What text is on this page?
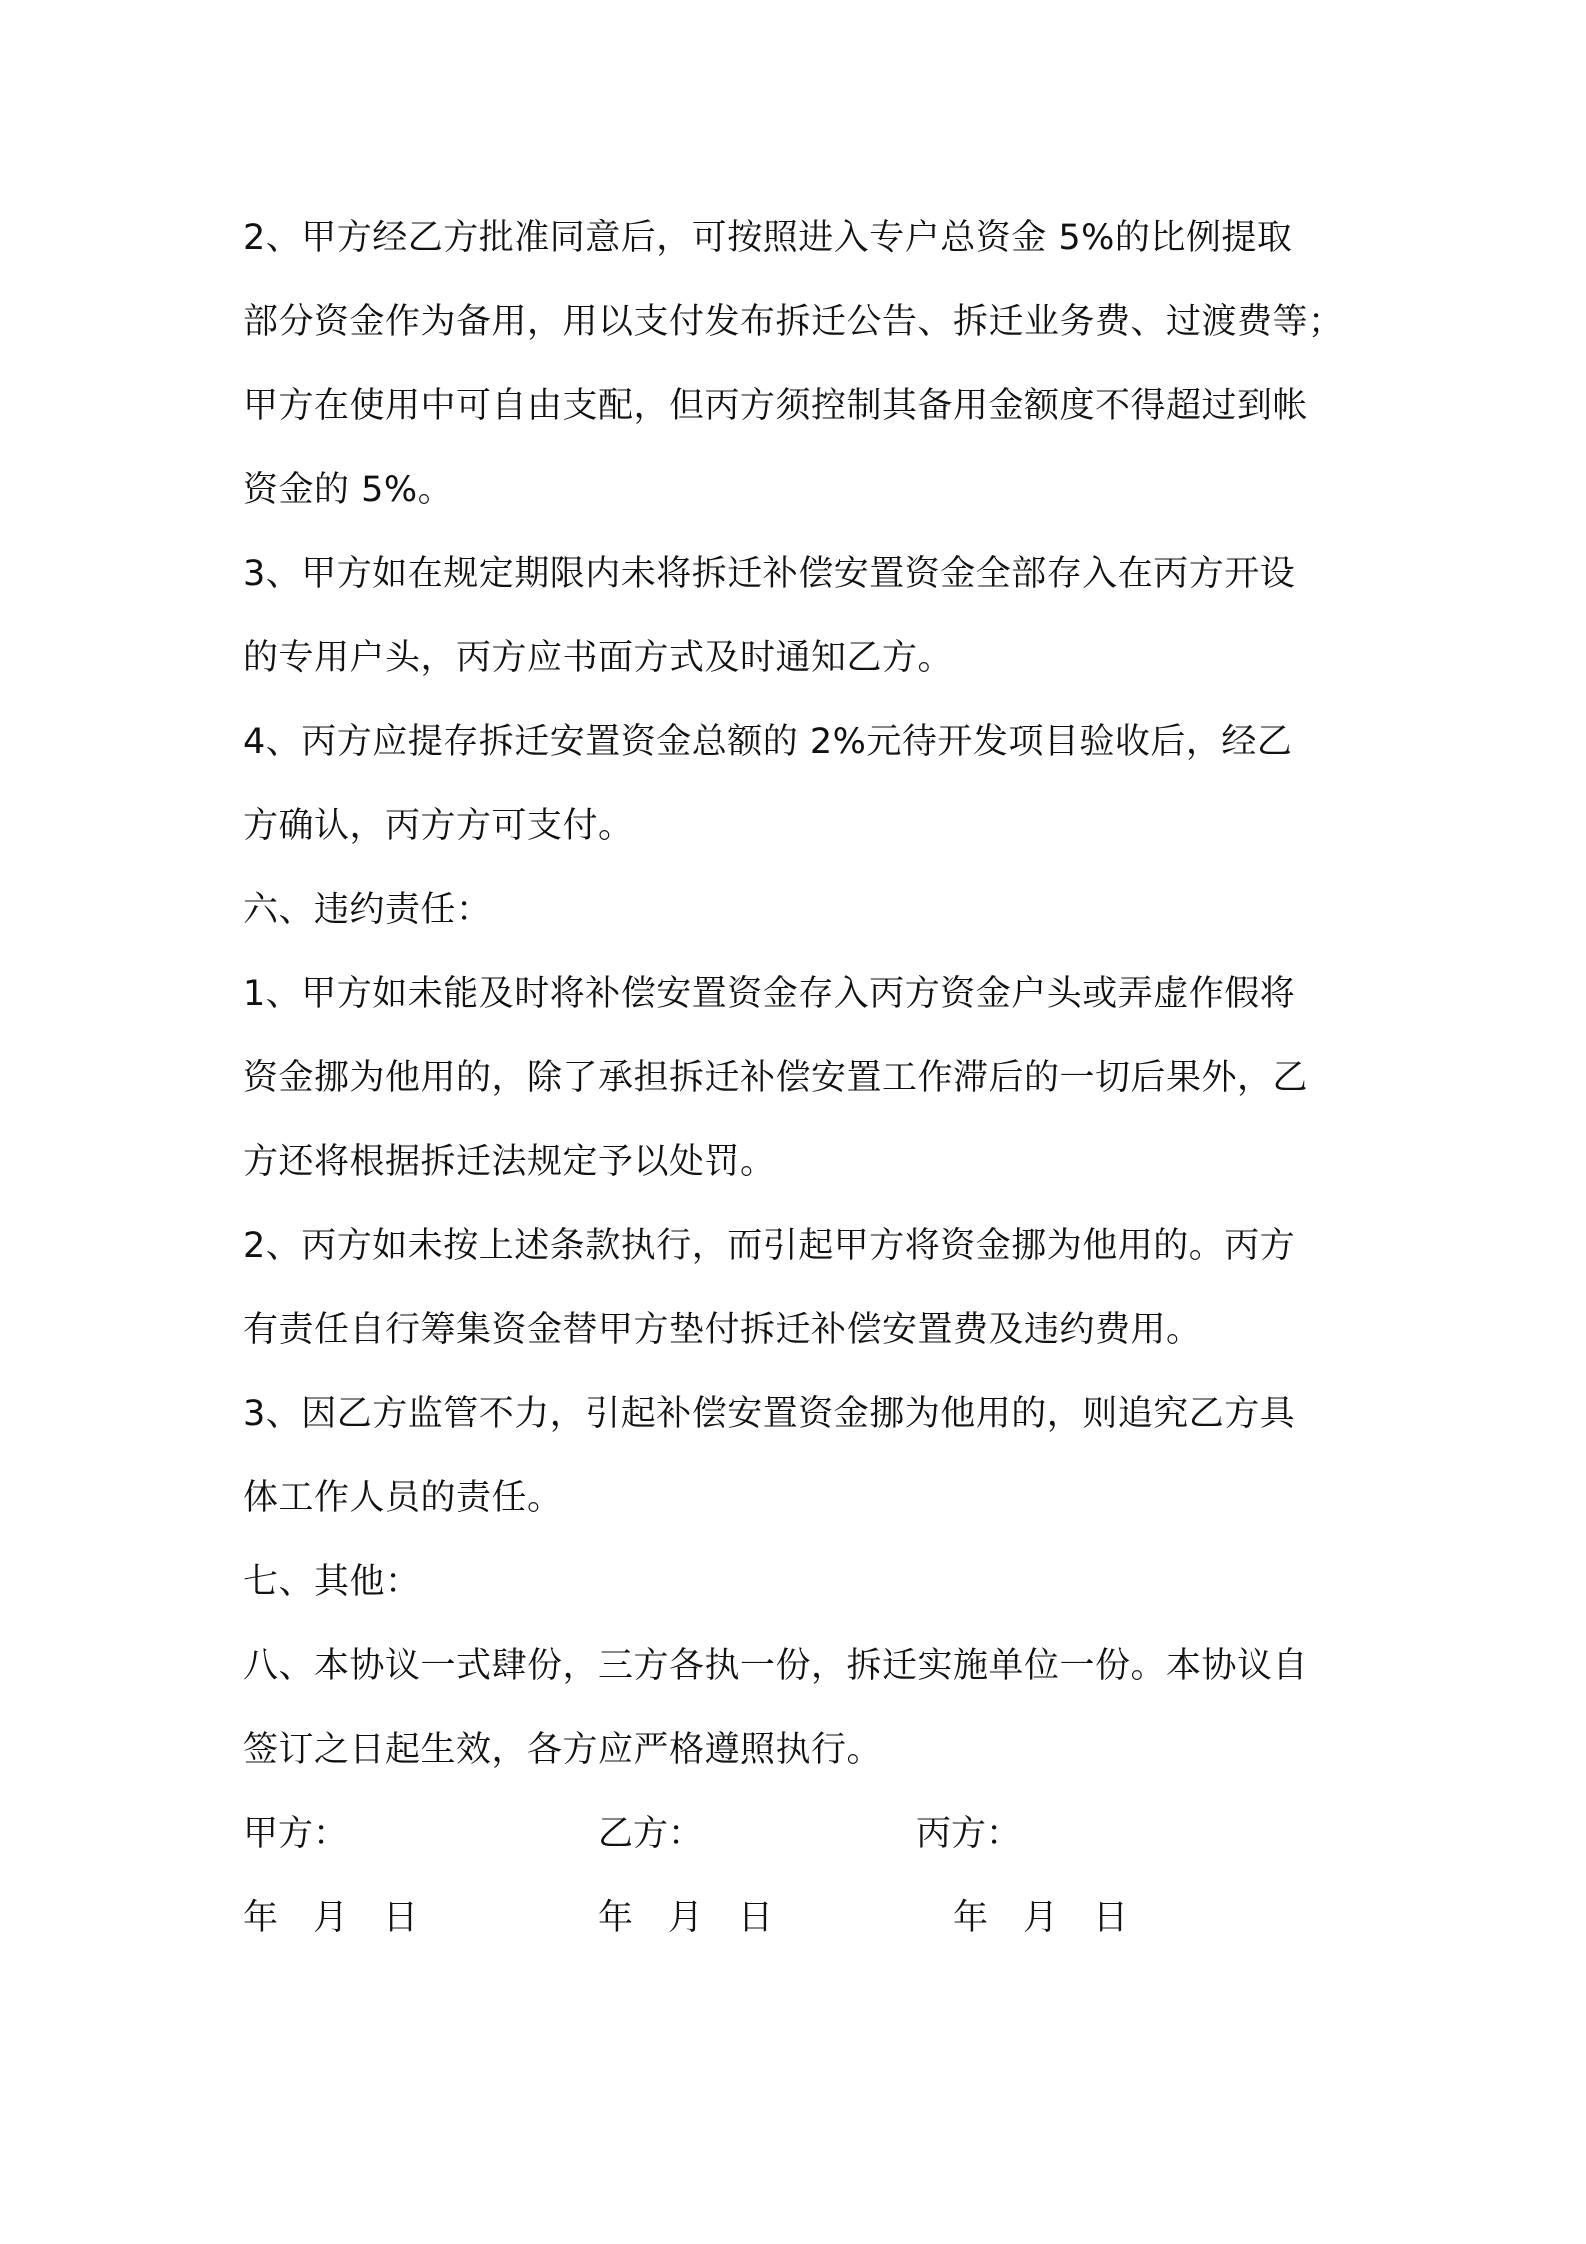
2、甲方经乙方批准同意后，可按照进入专户总资金 5%的比例提取
部分资金作为备用，用以支付发布拆迁公告、拆迁业务费、过渡费等；
甲方在使用中可自由支配，但丙方须控制其备用金额度不得超过到帐
资金的 5%。
3、甲方如在规定期限内未将拆迁补偿安置资金全部存入在丙方开设
的专用户头，丙方应书面方式及时通知乙方。
4、丙方应提存拆迁安置资金总额的 2%元待开发项目验收后，经乙
方确认，丙方方可支付。
六、违约责任：
1、甲方如未能及时将补偿安置资金存入丙方资金户头或弄虚作假将
资金挪为他用的，除了承担拆迁补偿安置工作滞后的一切后果外，乙
方还将根据拆迁法规定予以处罚。
2、丙方如未按上述条款执行，而引起甲方将资金挪为他用的。丙方
有责任自行筹集资金替甲方垫付拆迁补偿安置费及违约费用。
3、因乙方监管不力，引起补偿安置资金挪为他用的，则追究乙方具
体工作人员的责任。
七、其他：
八、本协议一式肆份，三方各执一份，拆迁实施单位一份。本协议自
签订之日起生效，各方应严格遵照执行。
甲方：	乙方：	丙方：
年　月　日	年　月　日	年　月　日
